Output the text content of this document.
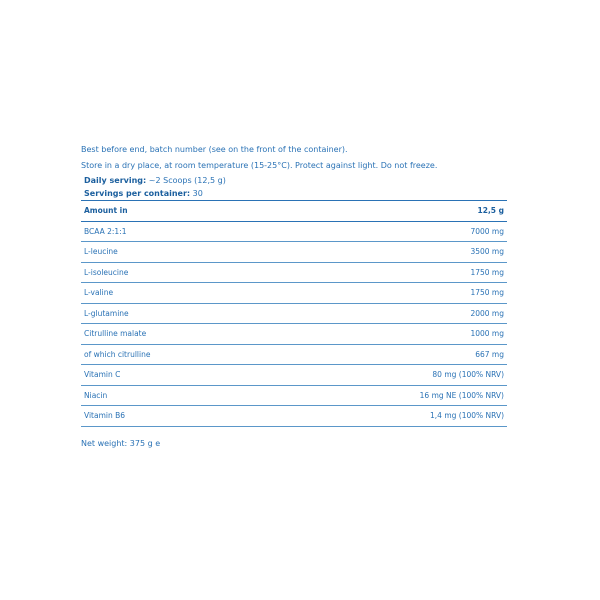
Best before end, batch number (see on the front of the container).
Store in a dry place, at room temperature (15-25°C). Protect against light. Do not freeze.
Daily serving: ~2 Scoops (12,5 g)
Servings per container: 30

Amount in	12,5 g
BCAA 2:1:1	7000 mg
L-leucine	3500 mg
L-isoleucine	1750 mg
L-valine	1750 mg
L-glutamine	2000 mg
Citrulline malate	1000 mg
of which citrulline	667 mg
Vitamin C	80 mg (100% NRV)
Niacin	16 mg NE (100% NRV)
Vitamin B6	1,4 mg (100% NRV)
Net weight: 375 g e
